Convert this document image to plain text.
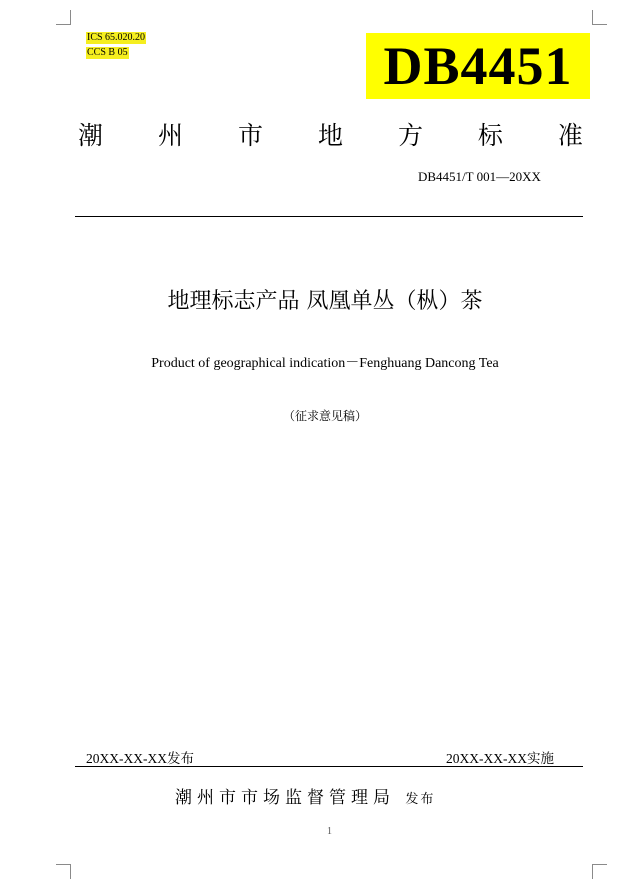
ICS 65.020.20
CCS B 05	DB4451
潮 州 市 地 方 标 准
DB4451/T 001—20XX
地理标志产品 凤凰单丛（枞）茶
Product of geographical indication－Fenghuang Dancong Tea
（征求意见稿）
20XX-XX-XX发布	20XX-XX-XX实施
潮州市市场监督管理局 发布
1
